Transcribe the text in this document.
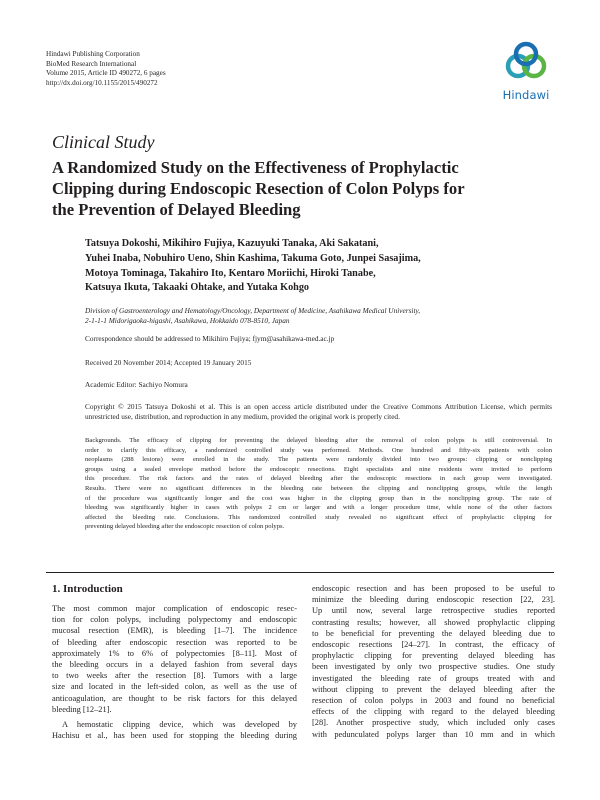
Hindawi Publishing Corporation
BioMed Research International
Volume 2015, Article ID 490272, 6 pages
http://dx.doi.org/10.1155/2015/490272
Hindawi
Clinical Study
A Randomized Study on the Effectiveness of Prophylactic
Clipping during Endoscopic Resection of Colon Polyps for
the Prevention of Delayed Bleeding
Tatsuya Dokoshi, Mikihiro Fujiya, Kazuyuki Tanaka, Aki Sakatani,
Yuhei Inaba, Nobuhiro Ueno, Shin Kashima, Takuma Goto, Junpei Sasajima,
Motoya Tominaga, Takahiro Ito, Kentaro Moriichi, Hiroki Tanabe,
Katsuya Ikuta, Takaaki Ohtake, and Yutaka Kohgo
Division of Gastroenterology and Hematology/Oncology, Department of Medicine, Asahikawa Medical University,
2-1-1-1 Midorigaoka-higashi, Asahikawa, Hokkaido 078-8510, Japan
Correspondence should be addressed to Mikihiro Fujiya; fjym@asahikawa-med.ac.jp
Received 20 November 2014; Accepted 19 January 2015
Academic Editor: Sachiyo Nomura
Copyright © 2015 Tatsuya Dokoshi et al. This is an open access article distributed under the Creative Commons Attribution License, which permits unrestricted use, distribution, and reproduction in any medium, provided the original work is properly cited.
Backgrounds. The efficacy of clipping for preventing the delayed bleeding after the removal of colon polyps is still controversial. In
order to clarify this efficacy, a randomized controlled study was performed. Methods. One hundred and fifty-six patients with colon
neoplasms (288 lesions) were enrolled in the study. The patients were randomly divided into two groups: clipping or nonclipping
groups using a sealed envelope method before the endoscopic resections. Eight specialists and nine residents were invited to perform
this procedure. The risk factors and the rates of delayed bleeding after the endoscopic resections in each group were investigated.
Results. There were no significant differences in the bleeding rate between the clipping and nonclipping groups, while the length
of the procedure was significantly longer and the cost was higher in the clipping group than in the nonclipping group. The rate of
bleeding was significantly higher in cases with polyps 2 cm or larger and with a longer procedure time, while none of the other factors
affected the bleeding rate. Conclusions. This randomized controlled study revealed no significant effect of prophylactic clipping for
preventing delayed bleeding after the endoscopic resection of colon polyps.
1. Introduction
The most common major complication of endoscopic resec-
tion for colon polyps, including polypectomy and endoscopic
mucosal resection (EMR), is bleeding [1–7]. The incidence
of bleeding after endoscopic resection was reported to be
approximately 1% to 6% of polypectomies [8–11]. Most of
the bleeding occurs in a delayed fashion from several days
to two weeks after the resection [8]. Tumors with a large
size and located in the left-sided colon, as well as the use of
anticoagulation, are thought to be risk factors for this delayed
bleeding [12–21].
A hemostatic clipping device, which was developed by
Hachisu et al., has been used for stopping the bleeding during
endoscopic resection and has been proposed to be useful to
minimize the bleeding during endoscopic resection [22, 23].
Up until now, several large retrospective studies reported
contrasting results; however, all showed prophylactic clipping
to be beneficial for preventing the delayed bleeding due to
endoscopic resections [24–27]. In contrast, the efficacy of
prophylactic clipping for preventing delayed bleeding has
been investigated by only two prospective studies. One study
investigated the bleeding rate of groups treated with and
without clipping to prevent the delayed bleeding after the
resection of colon polyps in 2003 and found no beneficial
effects of the clipping with regard to the delayed bleeding
[28]. Another prospective study, which included only cases
with pedunculated polyps larger than 10 mm and in which
